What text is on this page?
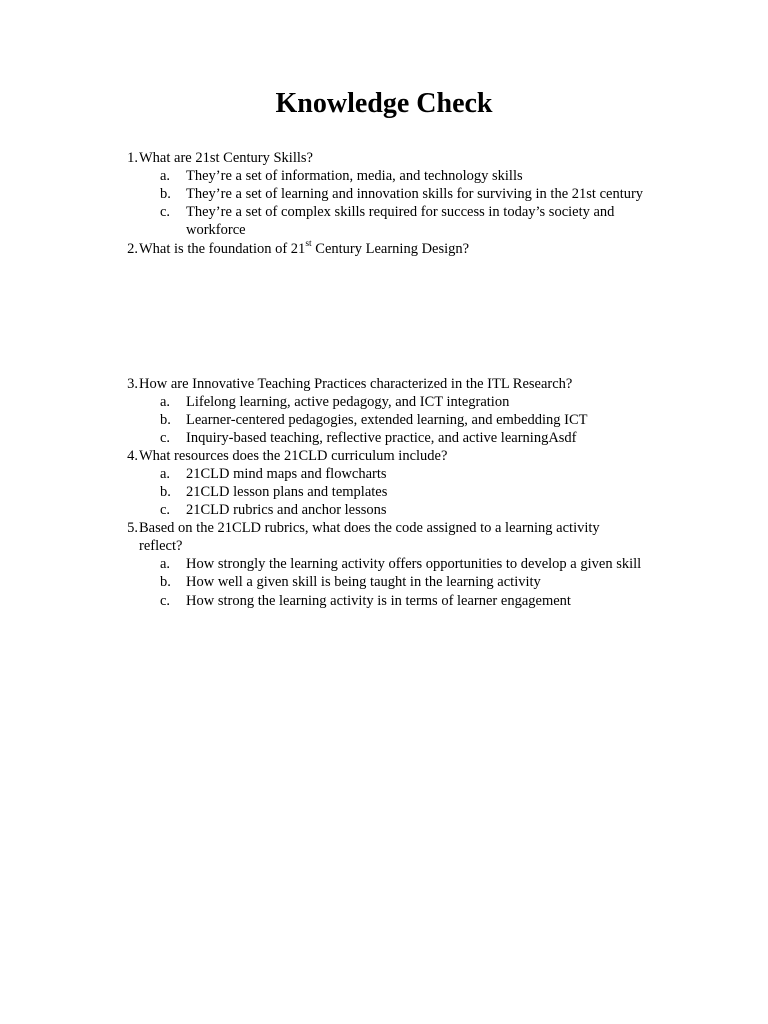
Knowledge Check
1. What are 21st Century Skills?
a.	They’re a set of information, media, and technology skills
b.	They’re a set of learning and innovation skills for surviving in the 21st century
c.	They’re a set of complex skills required for success in today’s society and
workforce
2. What is the foundation of 21st Century Learning Design?
3. How are Innovative Teaching Practices characterized in the ITL Research?
a.	Lifelong learning, active pedagogy, and ICT integration
b.	Learner-centered pedagogies, extended learning, and embedding ICT
c.	Inquiry-based teaching, reflective practice, and active learningAsdf
4. What resources does the 21CLD curriculum include?
a.	21CLD mind maps and flowcharts
b.	21CLD lesson plans and templates
c.	21CLD rubrics and anchor lessons
5. Based on the 21CLD rubrics, what does the code assigned to a learning activity
reflect?
a.	How strongly the learning activity offers opportunities to develop a given skill
b.	How well a given skill is being taught in the learning activity
c.	How strong the learning activity is in terms of learner engagement
